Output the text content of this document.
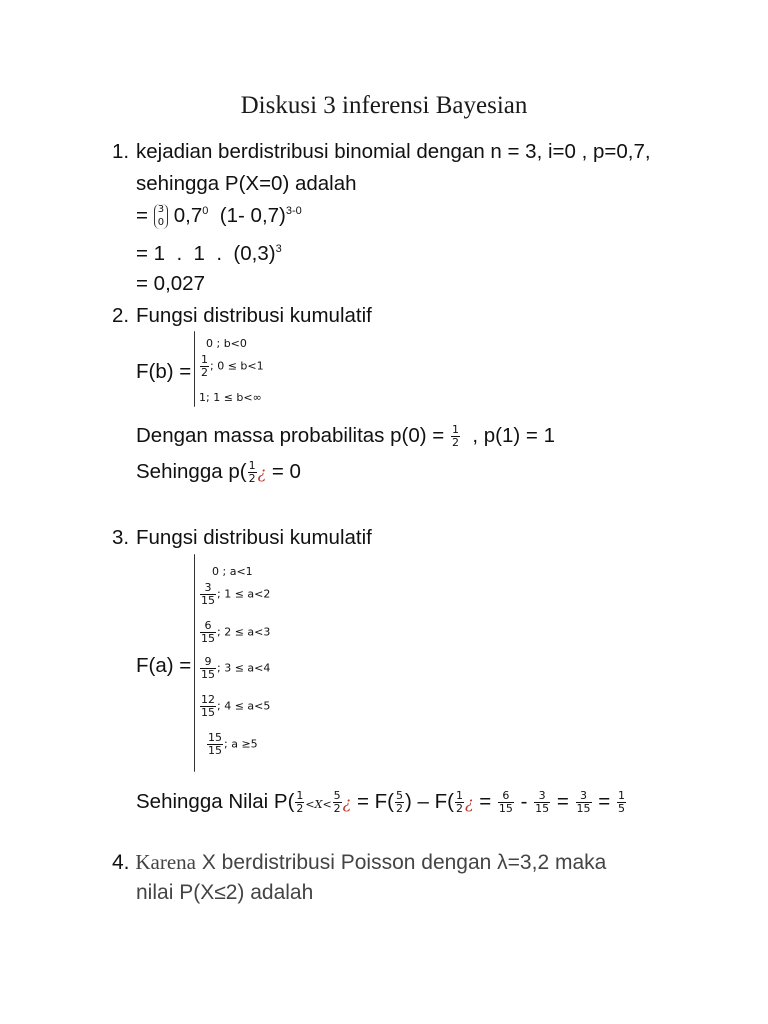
Diskusi 3 inferensi Bayesian
1. kejadian berdistribusi binomial dengan n = 3, i=0 , p=0,7,
sehingga P(X=0) adalah
= 3
0 $0,7^0$ (1- 0,7)$^{3-0}$
= 1  .  1  .  $(0,3)^3$
= 0,027
2. Fungsi distribusi kumulatif
F(b) =
0 ; b<0
$\frac{1}{2}$ ; 0 ≤ b<1
1; 1 ≤ b<∞
Dengan massa probabilitas $p(0) = \frac{1}{2}$ , p(1) = 1
Sehingga $p( \frac{1}{2}$ ¿ = 0
3. Fungsi distribusi kumulatif
F(a) =
0 ; a<1
$\frac{3}{15}$ ; 1 ≤ a<2
$\frac{6}{15}$ ; 2 ≤ a<3
$\frac{9}{15}$ ; 3 ≤ a<4
$\frac{12}{15}$ ; 4 ≤ a<5
$\frac{15}{15}$ ; a ≥5
Sehingga Nilai $P( \frac{1}{2} <X< \frac{5}{2}$ ¿ = $F( \frac{5}{2}$ ) – $F( \frac{1}{2}$ ¿ = $\frac{6}{15} - \frac{3}{15} = \frac{3}{15} = \frac{1}{5}$
4. Karena X berdistribusi Poisson dengan λ=3,2 maka
nilai P(X≤2) adalah
